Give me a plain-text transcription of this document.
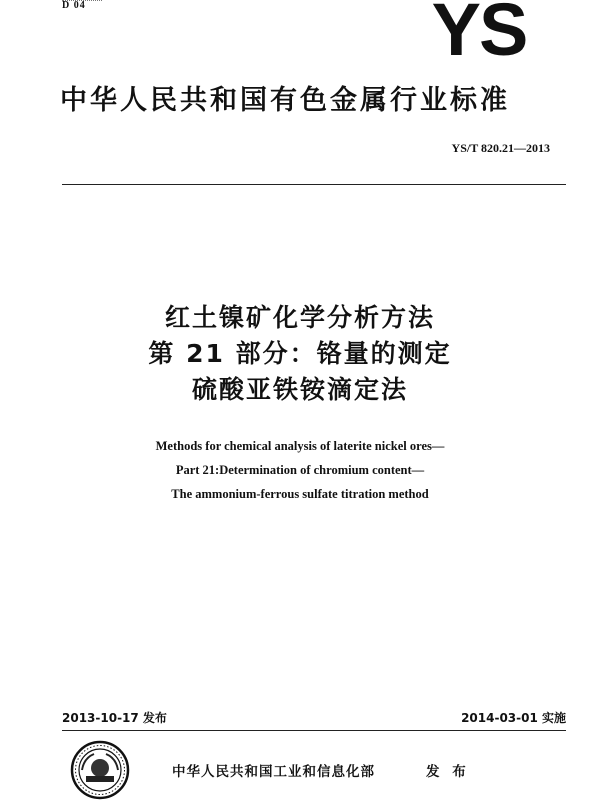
D 04	YS
中华人民共和国有色金属行业标准
YS/T 820.21—2013
红土镍矿化学分析方法
第 21 部分：铬量的测定
硫酸亚铁铵滴定法
Methods for chemical analysis of laterite nickel ores—
Part 21:Determination of chromium content—
The ammonium-ferrous sulfate titration method
2013-10-17 发布	2014-03-01 实施
中华人民共和国工业和信息化部	发 布
